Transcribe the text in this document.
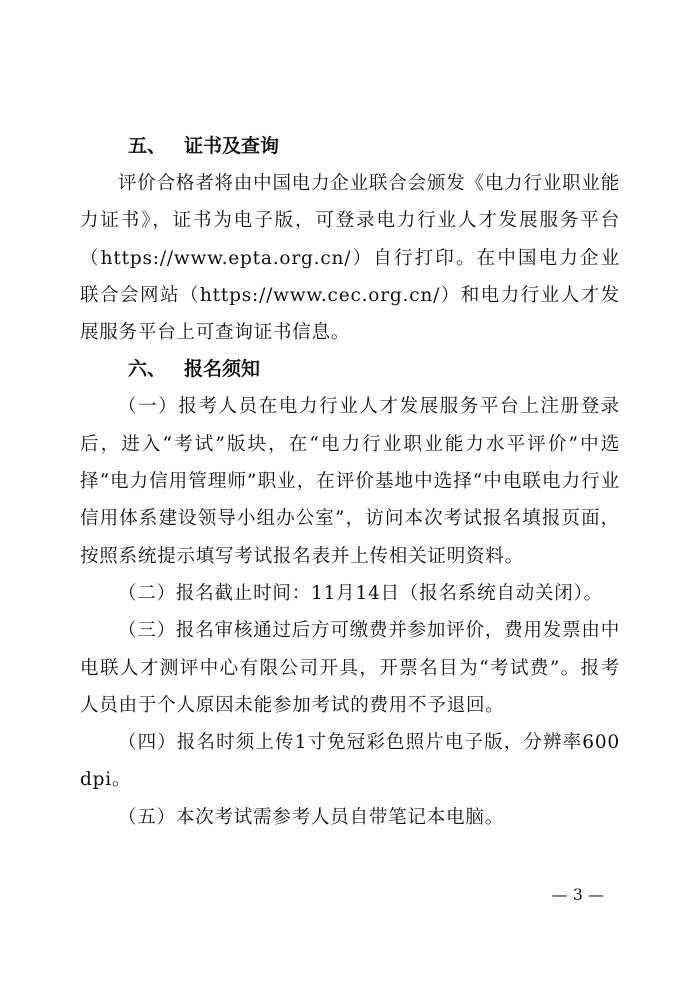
五、 证书及查询

评价合格者将由中国电力企业联合会颁发《电力行业职业能力证书》，证书为电子版，可登录电力行业人才发展服务平台（https://www.epta.org.cn/）自行打印。在中国电力企业联合会网站（https://www.cec.org.cn/）和电力行业人才发展服务平台上可查询证书信息。

六、 报名须知

（一）报考人员在电力行业人才发展服务平台上注册登录后，进入“考试”版块，在“电力行业职业能力水平评价”中选择“电力信用管理师”职业，在评价基地中选择“中电联电力行业信用体系建设领导小组办公室”，访问本次考试报名填报页面，按照系统提示填写考试报名表并上传相关证明资料。

（二）报名截止时间：11月14日（报名系统自动关闭）。

（三）报名审核通过后方可缴费并参加评价，费用发票由中电联人才测评中心有限公司开具，开票名目为“考试费”。报考人员由于个人原因未能参加考试的费用不予退回。

（四）报名时须上传1寸免冠彩色照片电子版，分辨率600dpi。

（五）本次考试需参考人员自带笔记本电脑。

— 3 —
